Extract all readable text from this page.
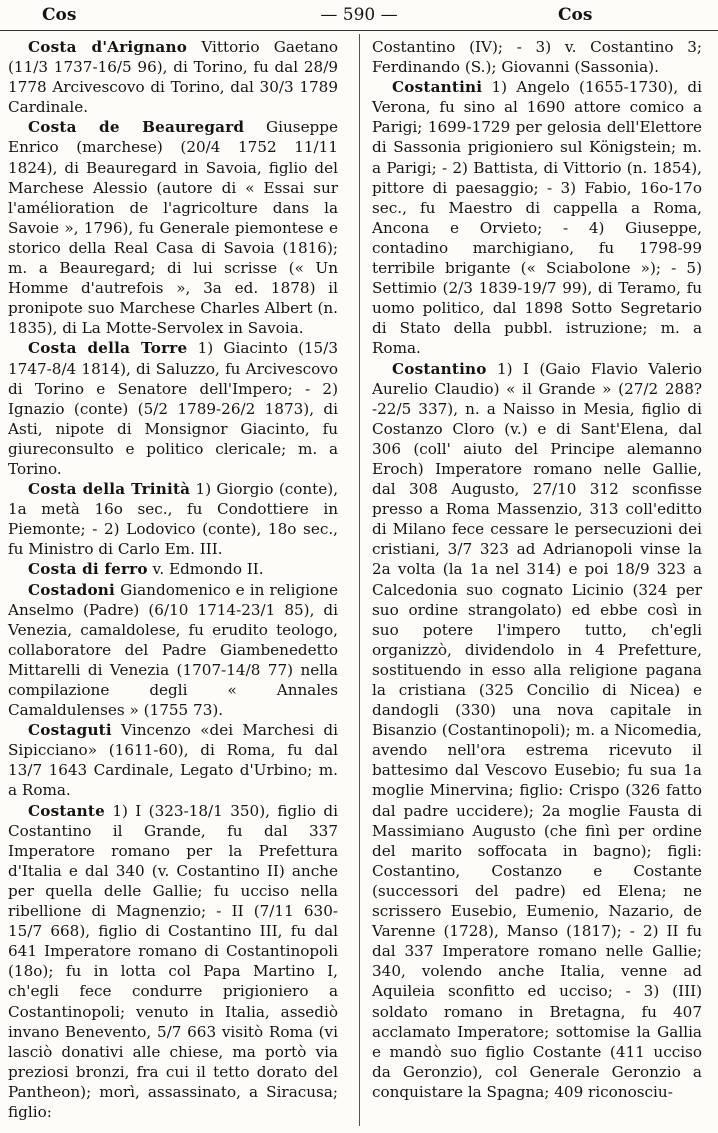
Cos	— 590 —	Cos

Costa d'Arignano Vittorio Gaetano (11/3 1737-16/5 96), di Torino, fu dal 28/9 1778 Arcivescovo di Torino, dal 30/3 1789 Cardinale.

Costa de Beauregard Giuseppe Enrico (marchese) (20/4 1752 11/11 1824), di Beauregard in Savoia, figlio del Marchese Alessio (autore di « Essai sur l'amélioration de l'agricolture dans la Savoie », 1796), fu Generale piemontese e storico della Real Casa di Savoia (1816); m. a Beauregard; di lui scrisse (« Un Homme d'autrefois », 3a ed. 1878) il pronipote suo Marchese Charles Albert (n. 1835), di La Motte-Servolex in Savoia.

Costa della Torre 1) Giacinto (15/3 1747-8/4 1814), di Saluzzo, fu Arcivescovo di Torino e Senatore dell'Impero; - 2) Ignazio (conte) (5/2 1789-26/2 1873), di Asti, nipote di Monsignor Giacinto, fu giureconsulto e politico clericale; m. a Torino.

Costa della Trinità 1) Giorgio (conte), 1a metà 16o sec., fu Condottiere in Piemonte; - 2) Lodovico (conte), 18o sec., fu Ministro di Carlo Em. III.

Costa di ferro v. Edmondo II.

Costadoni Giandomenico e in religione Anselmo (Padre) (6/10 1714-23/1 85), di Venezia, camaldolese, fu erudito teologo, collaboratore del Padre Giambenedetto Mittarelli di Venezia (1707-14/8 77) nella compilazione degli « Annales Camaldulenses » (1755 73).

Costaguti Vincenzo «dei Marchesi di Sipicciano» (1611-60), di Roma, fu dal 13/7 1643 Cardinale, Legato d'Urbino; m. a Roma.

Costante 1) I (323-18/1 350), figlio di Costantino il Grande, fu dal 337 Imperatore romano per la Prefettura d'Italia e dal 340 (v. Costantino II) anche per quella delle Gallie; fu ucciso nella ribellione di Magnenzio; - II (7/11 630-15/7 668), figlio di Costantino III, fu dal 641 Imperatore romano di Costantinopoli (18o); fu in lotta col Papa Martino I, ch'egli fece condurre prigioniero a Costantinopoli; venuto in Italia, assediò invano Benevento, 5/7 663 visitò Roma (vi lasciò donativi alle chiese, ma portò via preziosi bronzi, fra cui il tetto dorato del Pantheon); morì, assassinato, a Siracusa; figlio:

Costantino (IV); - 3) v. Costantino 3; Ferdinando (S.); Giovanni (Sassonia).

Costantini 1) Angelo (1655-1730), di Verona, fu sino al 1690 attore comico a Parigi; 1699-1729 per gelosia dell'Elettore di Sassonia prigioniero sul Königstein; m. a Parigi; - 2) Battista, di Vittorio (n. 1854), pittore di paesaggio; - 3) Fabio, 16o-17o sec., fu Maestro di cappella a Roma, Ancona e Orvieto; - 4) Giuseppe, contadino marchigiano, fu 1798-99 terribile brigante (« Sciabolone »); - 5) Settimio (2/3 1839-19/7 99), di Teramo, fu uomo politico, dal 1898 Sotto Segretario di Stato della pubbl. istruzione; m. a Roma.

Costantino 1) I (Gaio Flavio Valerio Aurelio Claudio) « il Grande » (27/2 288?-22/5 337), n. a Naisso in Mesia, figlio di Costanzo Cloro (v.) e di Sant'Elena, dal 306 (coll' aiuto del Principe alemanno Eroch) Imperatore romano nelle Gallie, dal 308 Augusto, 27/10 312 sconfisse presso a Roma Massenzio, 313 coll'editto di Milano fece cessare le persecuzioni dei cristiani, 3/7 323 ad Adrianopoli vinse la 2a volta (la 1a nel 314) e poi 18/9 323 a Calcedonia suo cognato Licinio (324 per suo ordine strangolato) ed ebbe così in suo potere l'impero tutto, ch'egli organizzò, dividendolo in 4 Prefetture, sostituendo in esso alla religione pagana la cristiana (325 Concilio di Nicea) e dandogli (330) una nova capitale in Bisanzio (Costantinopoli); m. a Nicomedia, avendo nell'ora estrema ricevuto il battesimo dal Vescovo Eusebio; fu sua 1a moglie Minervina; figlio: Crispo (326 fatto dal padre uccidere); 2a moglie Fausta di Massimiano Augusto (che finì per ordine del marito soffocata in bagno); figli: Costantino, Costanzo e Costante (successori del padre) ed Elena; ne scrissero Eusebio, Eumenio, Nazario, de Varenne (1728), Manso (1817); - 2) II fu dal 337 Imperatore romano nelle Gallie; 340, volendo anche Italia, venne ad Aquileia sconfitto ed ucciso; - 3) (III) soldato romano in Bretagna, fu 407 acclamato Imperatore; sottomise la Gallia e mandò suo figlio Costante (411 ucciso da Geronzio), col Generale Geronzio a conquistare la Spagna; 409 riconosciu-
